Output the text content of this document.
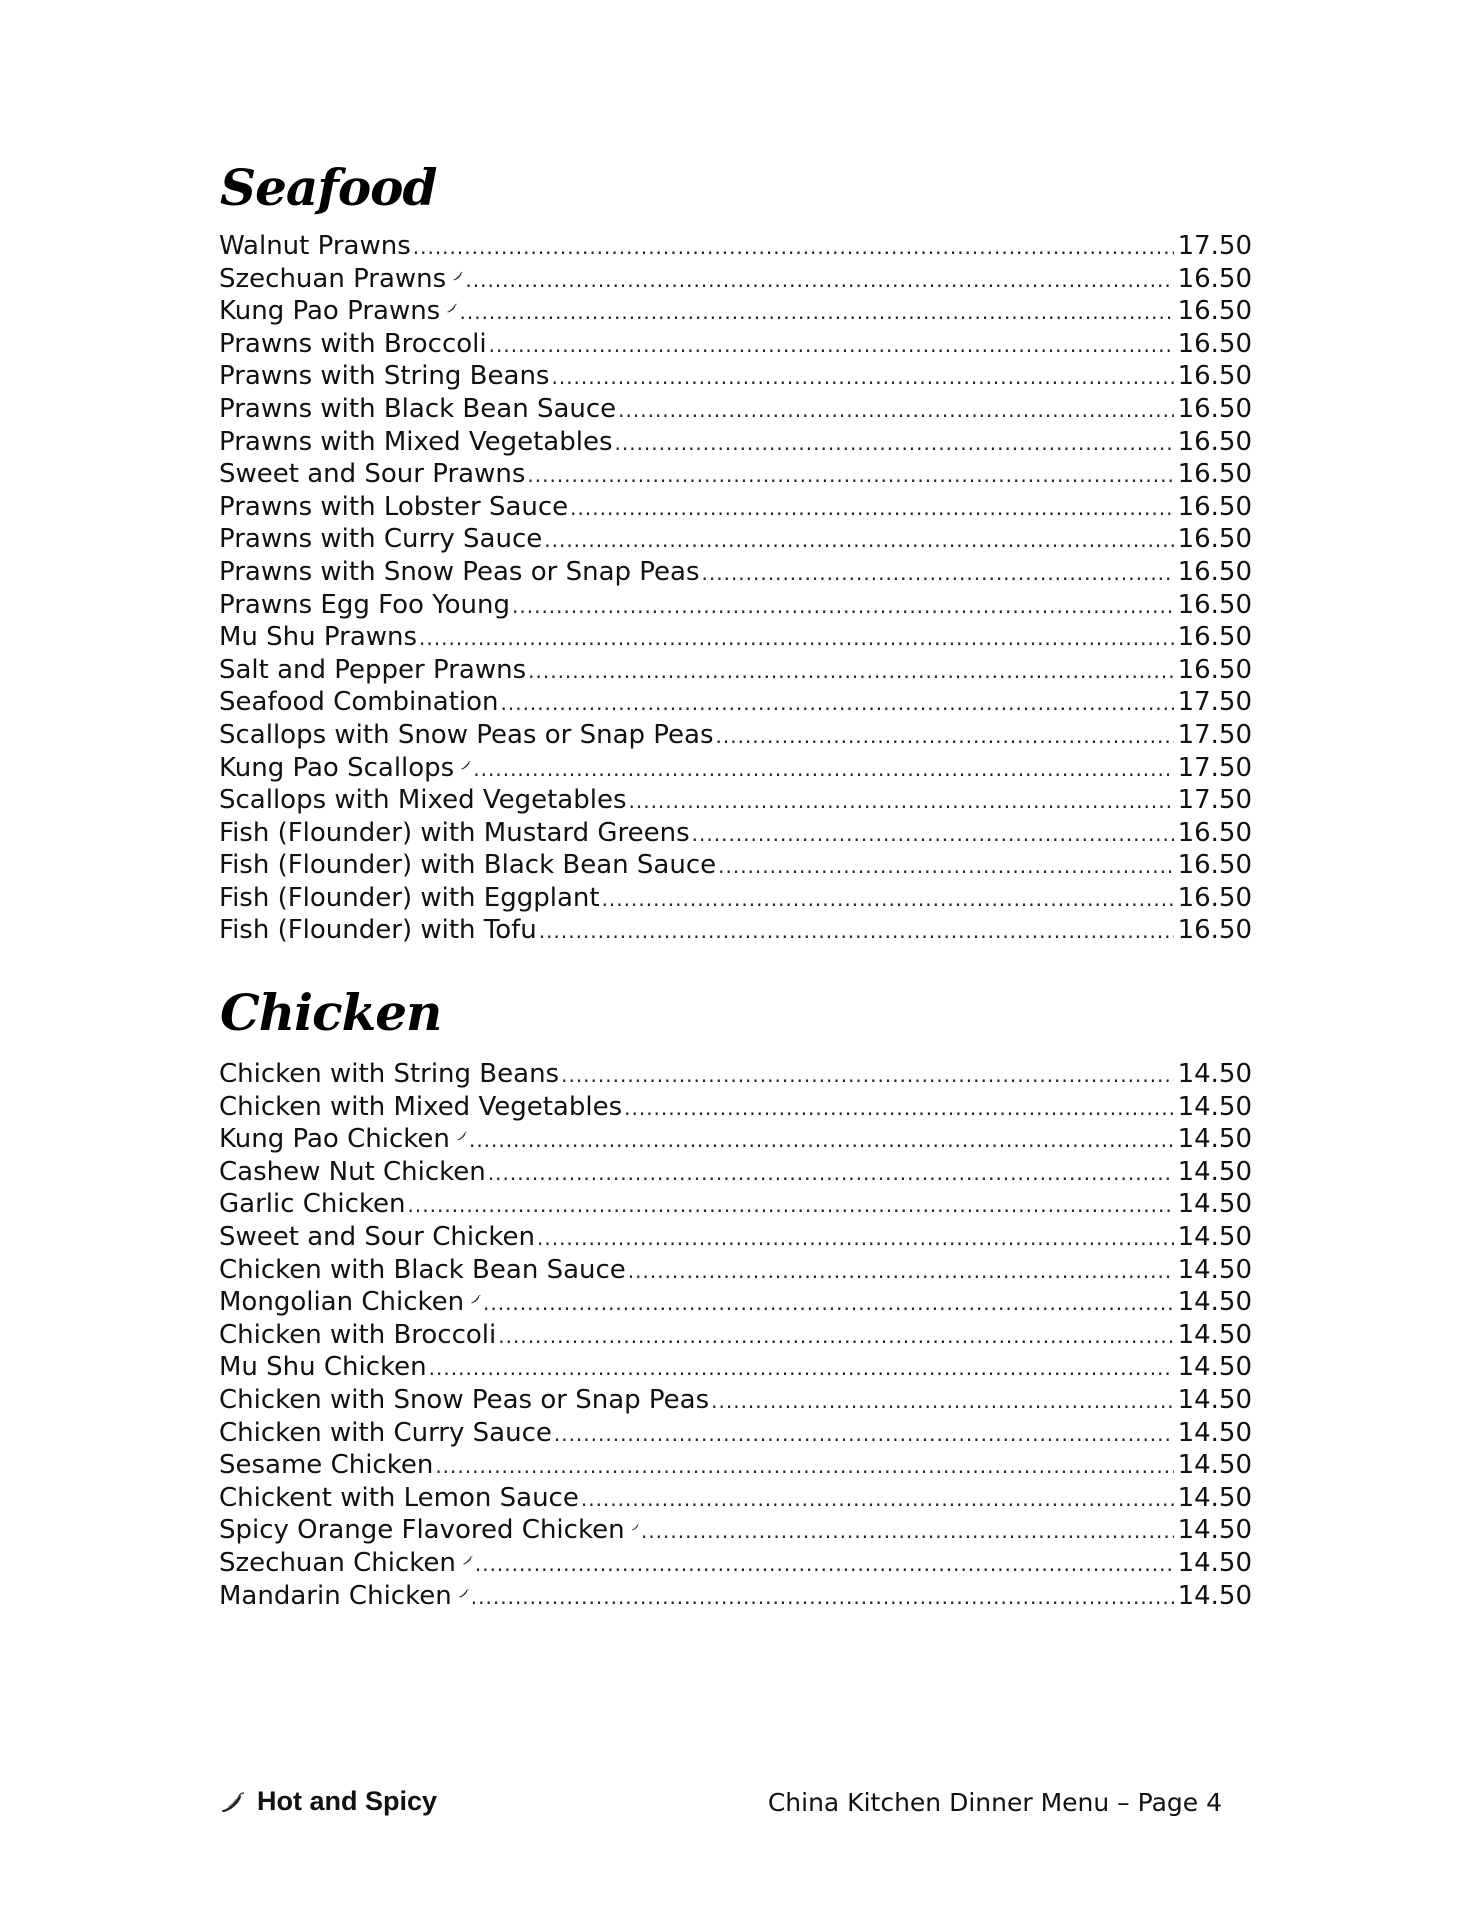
Seafood
Walnut Prawns .....	17.50
Szechuan Prawns .....	16.50
Kung Pao Prawns .....	16.50
Prawns with Broccoli .....	16.50
Prawns with String Beans .....	16.50
Prawns with Black Bean Sauce .....	16.50
Prawns with Mixed Vegetables .....	16.50
Sweet and Sour Prawns .....	16.50
Prawns with Lobster Sauce .....	16.50
Prawns with Curry Sauce .....	16.50
Prawns with Snow Peas or Snap Peas .....	16.50
Prawns Egg Foo Young .....	16.50
Mu Shu Prawns .....	16.50
Salt and Pepper Prawns .....	16.50
Seafood Combination .....	17.50
Scallops with Snow Peas or Snap Peas .....	17.50
Kung Pao Scallops .....	17.50
Scallops with Mixed Vegetables .....	17.50
Fish (Flounder) with Mustard Greens .....	16.50
Fish (Flounder) with Black Bean Sauce .....	16.50
Fish (Flounder) with Eggplant .....	16.50
Fish (Flounder) with Tofu .....	16.50
Chicken
Chicken with String Beans .....	14.50
Chicken with Mixed Vegetables .....	14.50
Kung Pao Chicken .....	14.50
Cashew Nut Chicken .....	14.50
Garlic Chicken .....	14.50
Sweet and Sour Chicken .....	14.50
Chicken with Black Bean Sauce .....	14.50
Mongolian Chicken .....	14.50
Chicken with Broccoli .....	14.50
Mu Shu Chicken .....	14.50
Chicken with Snow Peas or Snap Peas .....	14.50
Chicken with Curry Sauce .....	14.50
Sesame Chicken .....	14.50
Chickent with Lemon Sauce .....	14.50
Spicy Orange Flavored Chicken .....	14.50
Szechuan Chicken .....	14.50
Mandarin Chicken .....	14.50
Hot and Spicy	China Kitchen Dinner Menu – Page 4
